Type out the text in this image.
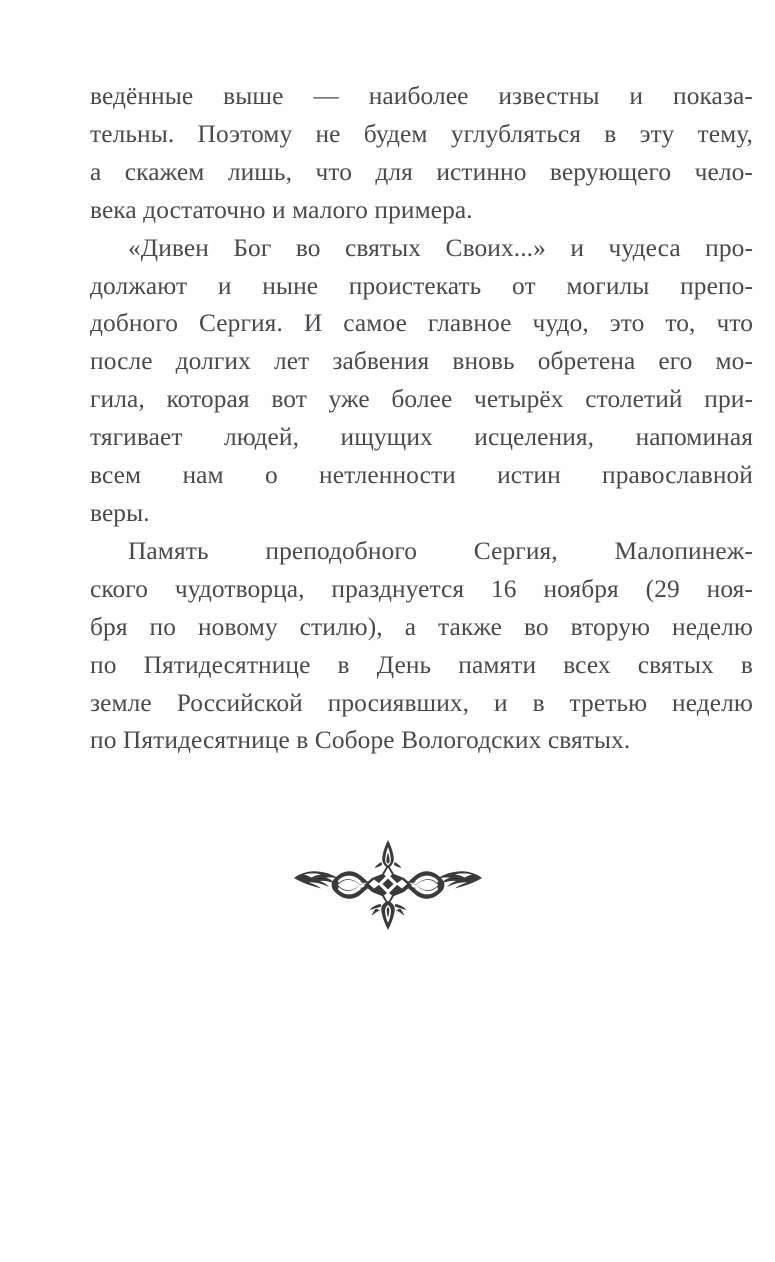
ведённые выше — наиболее известны и показа-
тельны. Поэтому не будем углубляться в эту тему,
а скажем лишь, что для истинно верующего чело-
века достаточно и малого примера.

«Дивен Бог во святых Своих...» и чудеса про-
должают и ныне проистекать от могилы препо-
добного Сергия. И самое главное чудо, это то, что
после долгих лет забвения вновь обретена его мо-
гила, которая вот уже более четырёх столетий при-
тягивает людей, ищущих исцеления, напоминая
всем нам о нетленности истин православной
веры.

Память преподобного Сергия, Малопинеж-
ского чудотворца, празднуется 16 ноября (29 ноя-
бря по новому стилю), а также во вторую неделю
по Пятидесятнице в День памяти всех святых в
земле Российской просиявших, и в третью неделю
по Пятидесятнице в Соборе Вологодских святых.
